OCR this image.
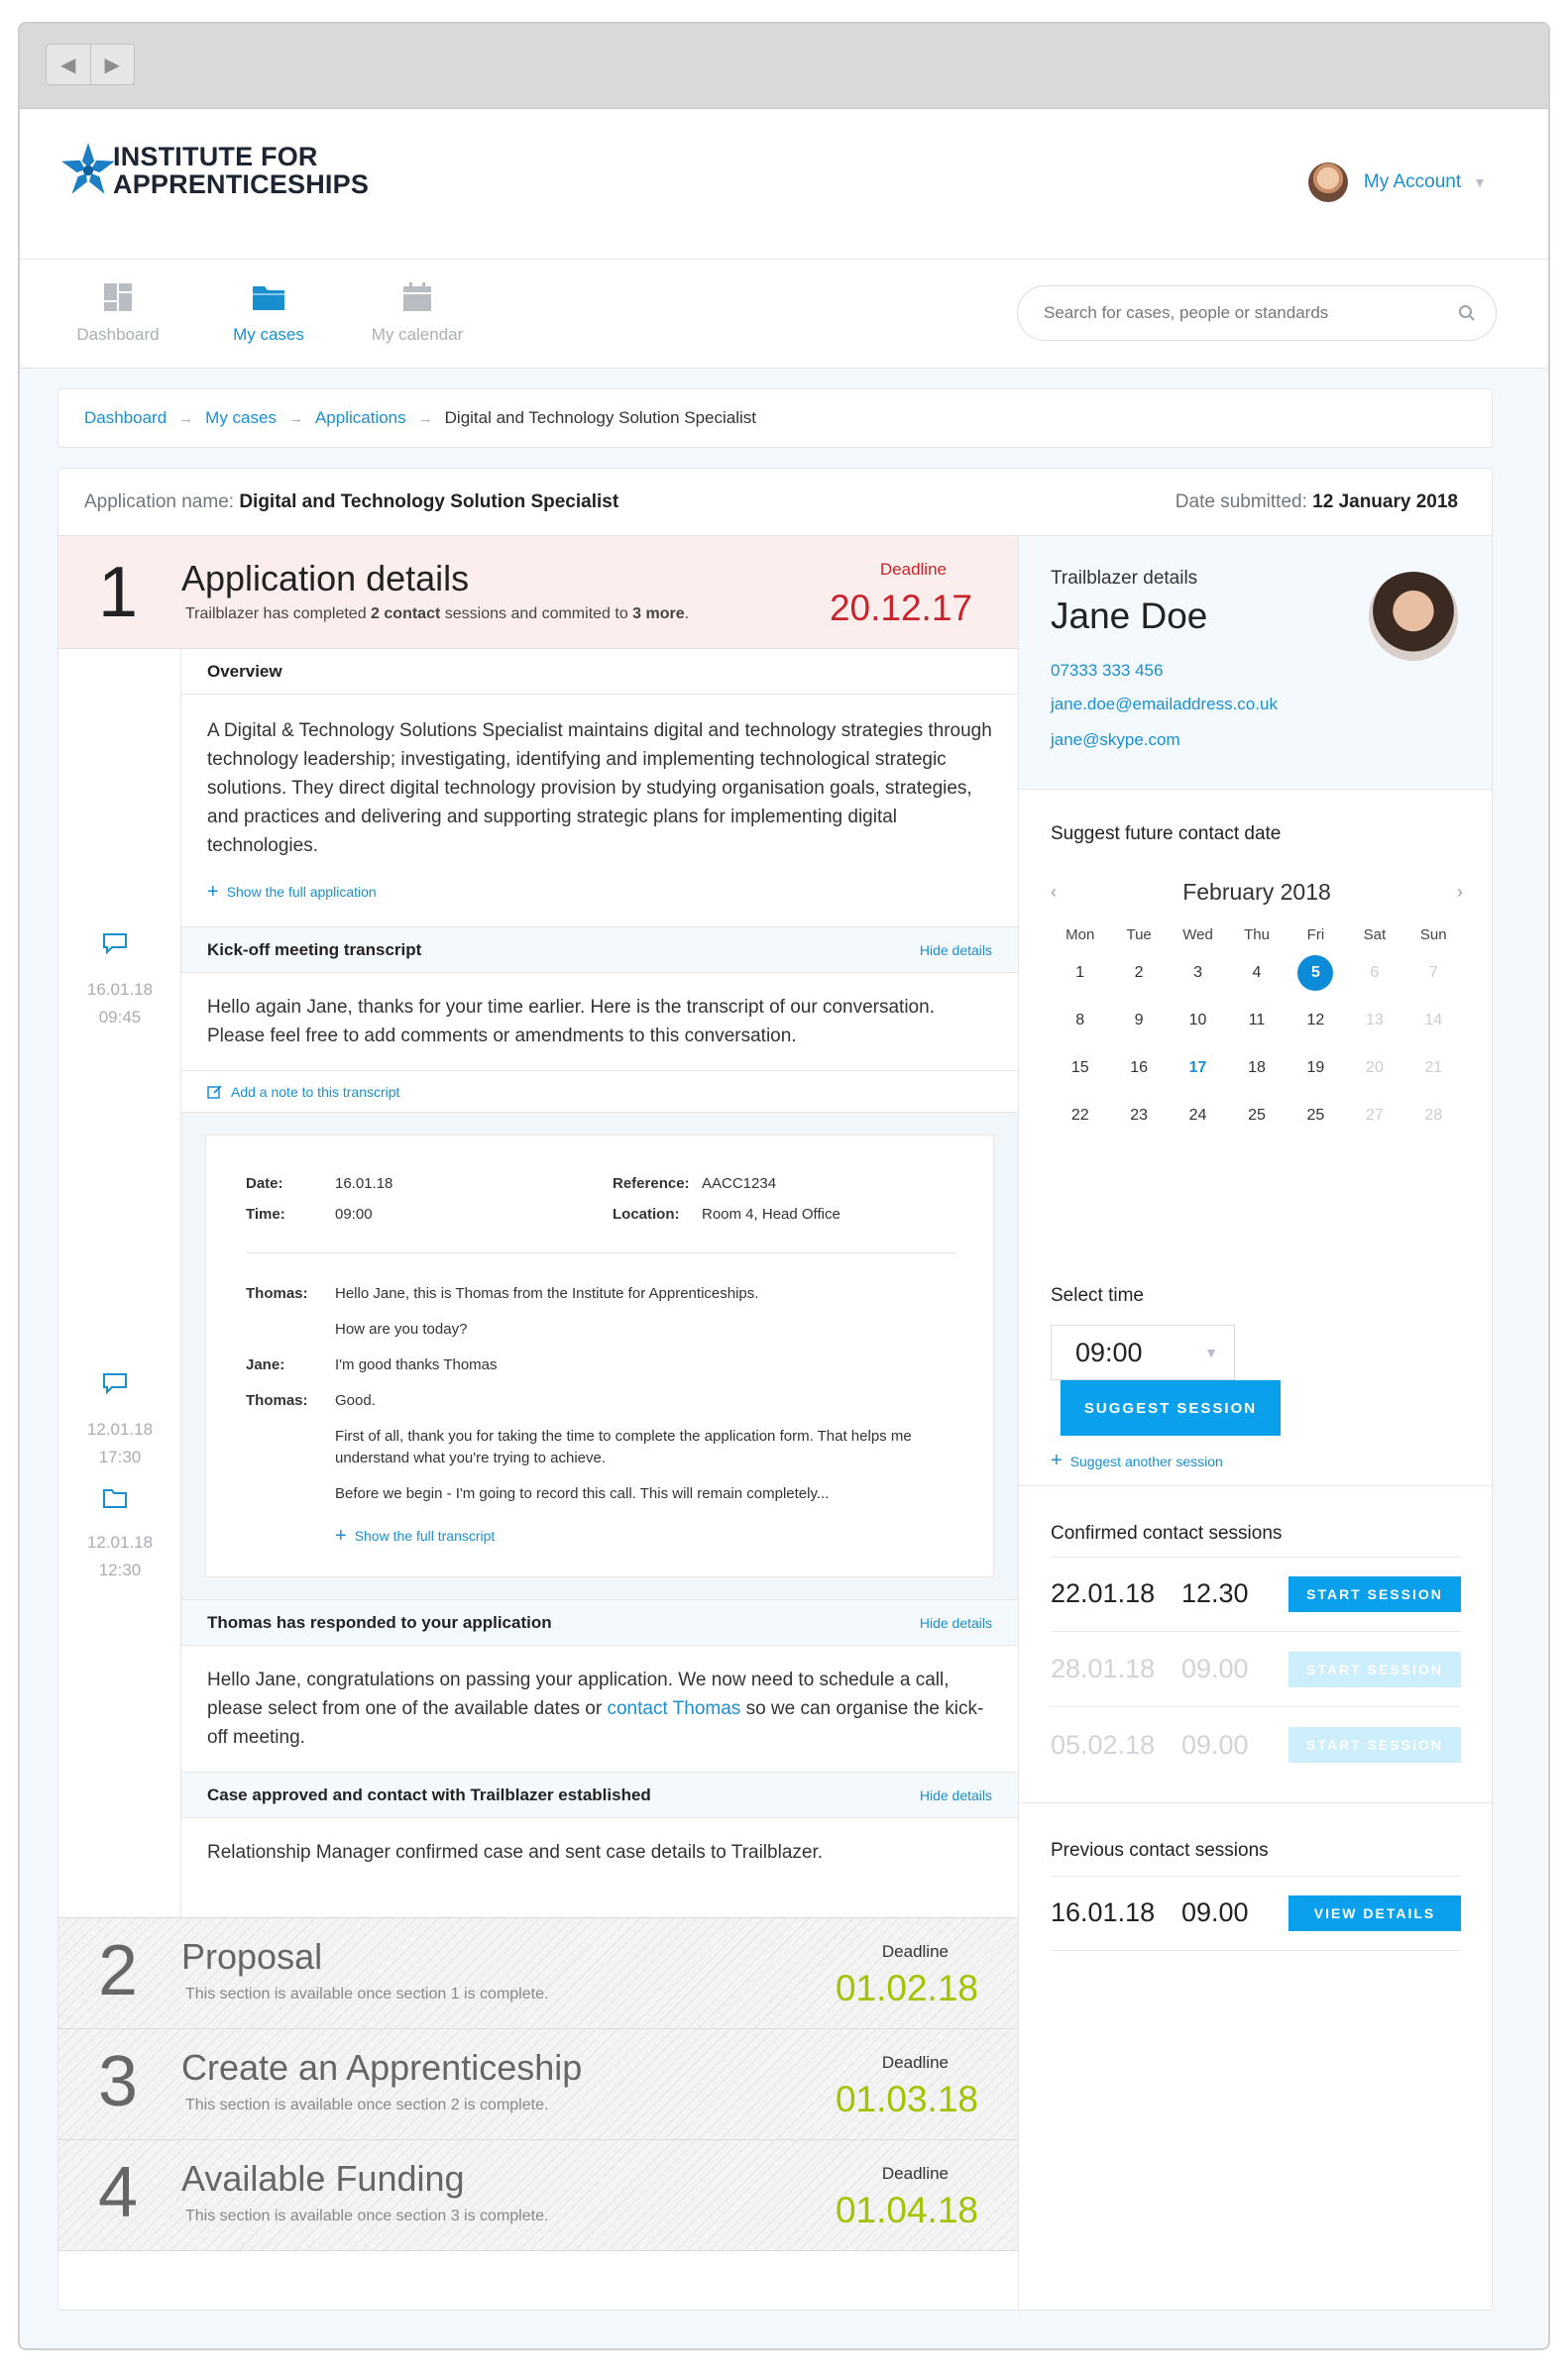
◀	▶
INSTITUTE FOR
APPRENTICESHIPS	My Account ▼
Dashboard	My cases	My calendar
Search for cases, people or standards
Dashboard → My cases → Applications → Digital and Technology Solution Specialist
Application name: Digital and Technology Solution Specialist	Date submitted: 12 January 2018
1 Application details
Trailblazer has completed 2 contact sessions and commited to 3 more.
Deadline
20.12.17
16.01.18
09:45
12.01.18
17:30
12.01.18
12:30
Overview
A Digital & Technology Solutions Specialist maintains digital and technology strategies through technology leadership; investigating, identifying and implementing technological strategic solutions. They direct digital technology provision by studying organisation goals, strategies, and practices and delivering and supporting strategic plans for implementing digital technologies.
+ Show the full application
Kick-off meeting transcript	Hide details
Hello again Jane, thanks for your time earlier. Here is the transcript of our conversation. Please feel free to add comments or amendments to this conversation.
Add a note to this transcript
Date:	16.01.18	Reference: AACC1234
Time:	09:00	Location:	Room 4, Head Office
Thomas:	Hello Jane, this is Thomas from the Institute for Apprenticeships.
How are you today?
Jane:	I'm good thanks Thomas
Thomas:	Good.
First of all, thank you for taking the time to complete the application form. That helps me understand what you're trying to achieve.
Before we begin - I'm going to record this call. This will remain completely...
+ Show the full transcript
Thomas has responded to your application	Hide details
Hello Jane, congratulations on passing your application. We now need to schedule a call, please select from one of the available dates or contact Thomas so we can organise the kick-off meeting.
Case approved and contact with Trailblazer established	Hide details
Relationship Manager confirmed case and sent case details to Trailblazer.
2 Proposal
This section is available once section 1 is complete.
Deadline
01.02.18
3 Create an Apprenticeship
This section is available once section 2 is complete.
Deadline
01.03.18
4 Available Funding
This section is available once section 3 is complete.
Deadline
01.04.18
Trailblazer details
Jane Doe
07333 333 456
jane.doe@emailaddress.co.uk
jane@skype.com
Suggest future contact date
‹	February 2018	›
Mon	Tue	Wed	Thu	Fri	Sat	Sun
1	2	3	4	5	6	7
8	9	10	11	12	13	14
15	16	17	18	19	20	21
22	23	24	25	25	27	28
Select time
09:00	▼
SUGGEST SESSION
+ Suggest another session
Confirmed contact sessions
22.01.18 12.30	START SESSION
28.01.18 09.00	START SESSION
05.02.18 09.00	START SESSION
Previous contact sessions
16.01.18 09.00	VIEW DETAILS
